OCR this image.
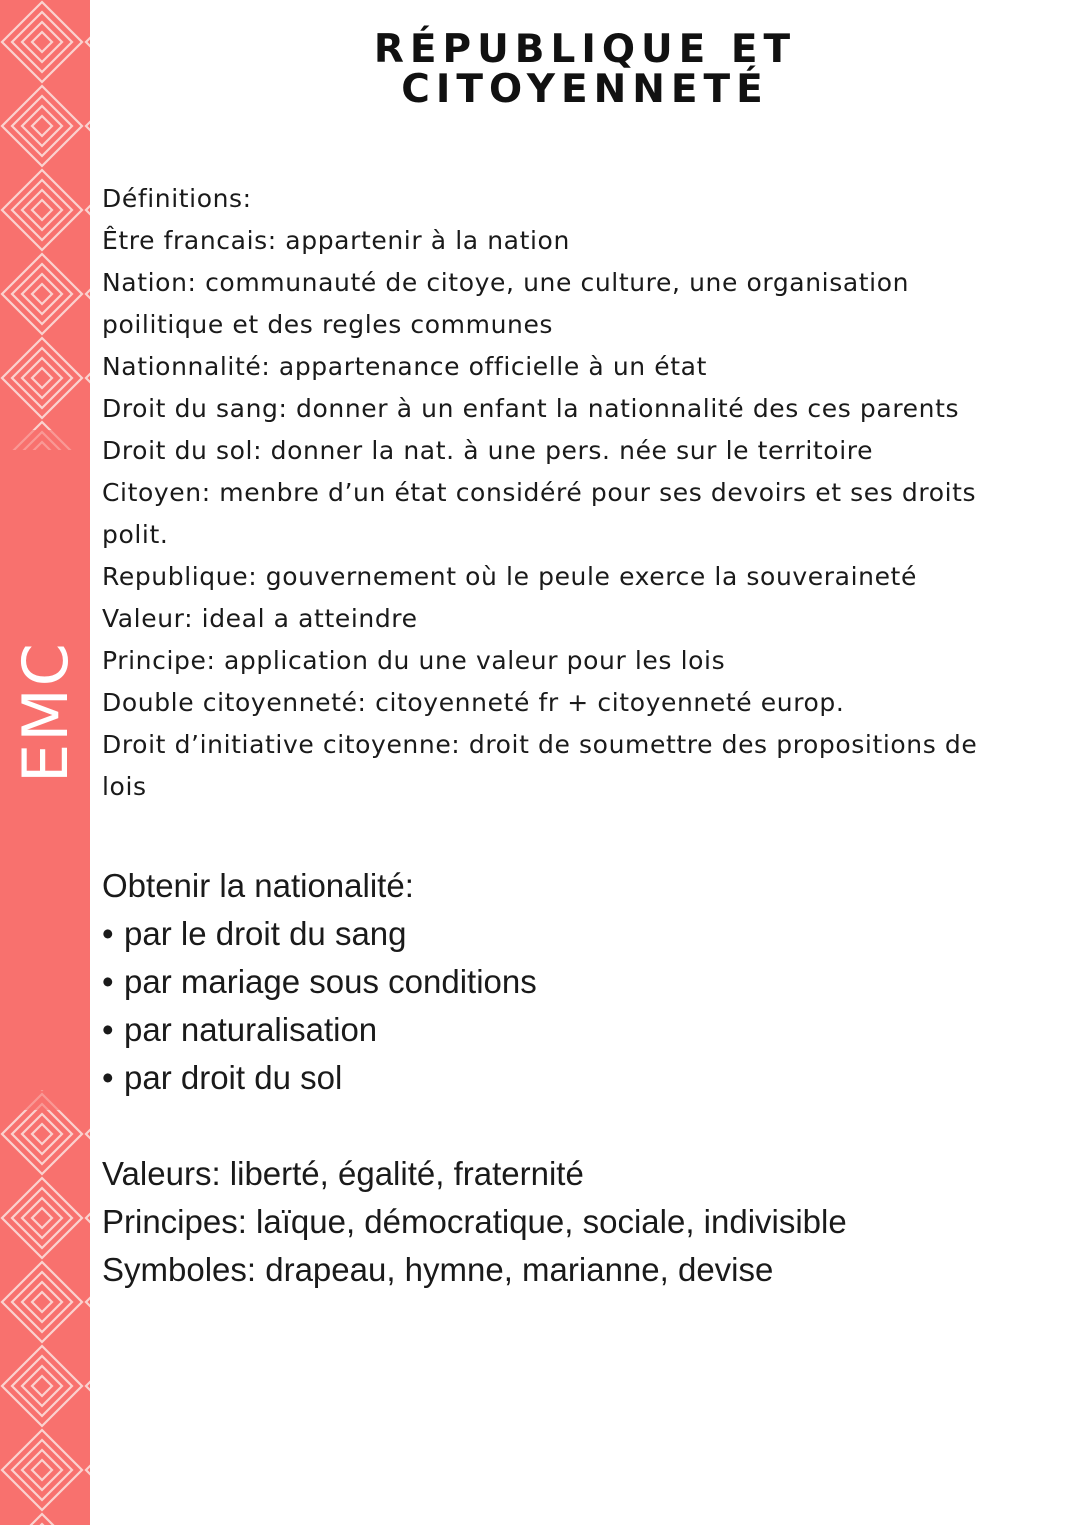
EMC
RÉPUBLIQUE ET
CITOYENNETÉ
Définitions:
Être francais: appartenir à la nation
Nation: communauté de citoye, une culture, une organisation
poilitique et des regles communes
Nationnalité: appartenance officielle à un état
Droit du sang: donner à un enfant la nationnalité des ces parents
Droit du sol: donner la nat. à une pers. née sur le territoire
Citoyen: menbre d’un état considéré pour ses devoirs et ses droits
polit.
Republique: gouvernement où le peule exerce la souveraineté
Valeur: ideal a atteindre
Principe: application du une valeur pour les lois
Double citoyenneté: citoyenneté fr + citoyenneté europ.
Droit d’initiative citoyenne: droit de soumettre des propositions de
lois
Obtenir la nationalité:
• par le droit du sang
• par mariage sous conditions
• par naturalisation
• par droit du sol
Valeurs: liberté, égalité, fraternité
Principes: laïque, démocratique, sociale, indivisible
Symboles: drapeau, hymne, marianne, devise
